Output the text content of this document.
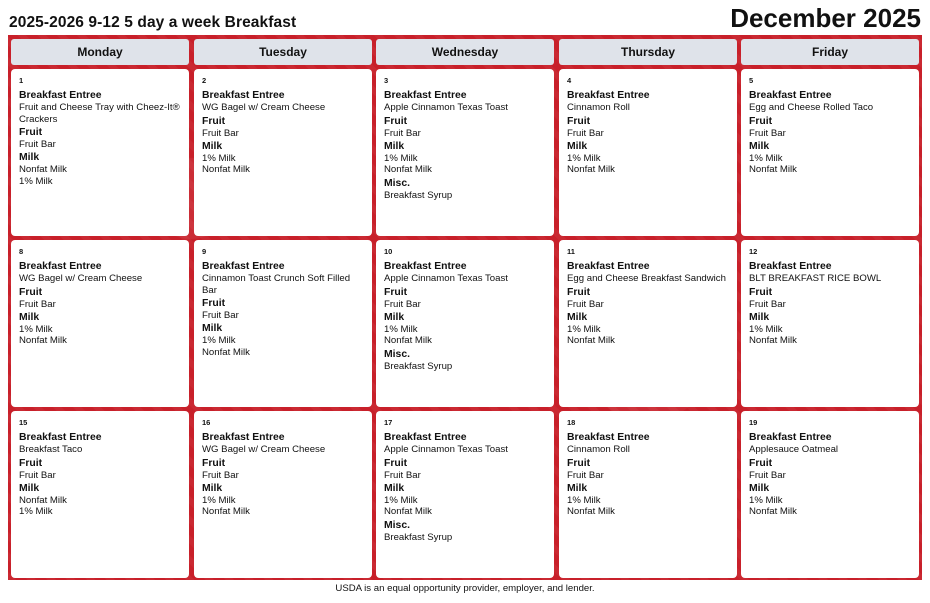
2025-2026 9-12 5 day a week Breakfast	December 2025
Monday	Tuesday	Wednesday	Thursday	Friday
1
Breakfast Entree
Fruit and Cheese Tray with Cheez-It® Crackers
Fruit
Fruit Bar
Milk
Nonfat Milk
1% Milk
2
Breakfast Entree
WG Bagel w/ Cream Cheese
Fruit
Fruit Bar
Milk
1% Milk
Nonfat Milk
3
Breakfast Entree
Apple Cinnamon Texas Toast
Fruit
Fruit Bar
Milk
1% Milk
Nonfat Milk
Misc.
Breakfast Syrup
4
Breakfast Entree
Cinnamon Roll
Fruit
Fruit Bar
Milk
1% Milk
Nonfat Milk
5
Breakfast Entree
Egg and Cheese Rolled Taco
Fruit
Fruit Bar
Milk
1% Milk
Nonfat Milk
8
Breakfast Entree
WG Bagel w/ Cream Cheese
Fruit
Fruit Bar
Milk
1% Milk
Nonfat Milk
9
Breakfast Entree
Cinnamon Toast Crunch Soft Filled Bar
Fruit
Fruit Bar
Milk
1% Milk
Nonfat Milk
10
Breakfast Entree
Apple Cinnamon Texas Toast
Fruit
Fruit Bar
Milk
1% Milk
Nonfat Milk
Misc.
Breakfast Syrup
11
Breakfast Entree
Egg and Cheese Breakfast Sandwich
Fruit
Fruit Bar
Milk
1% Milk
Nonfat Milk
12
Breakfast Entree
BLT BREAKFAST RICE BOWL
Fruit
Fruit Bar
Milk
1% Milk
Nonfat Milk
15
Breakfast Entree
Breakfast Taco
Fruit
Fruit Bar
Milk
Nonfat Milk
1% Milk
16
Breakfast Entree
WG Bagel w/ Cream Cheese
Fruit
Fruit Bar
Milk
1% Milk
Nonfat Milk
17
Breakfast Entree
Apple Cinnamon Texas Toast
Fruit
Fruit Bar
Milk
1% Milk
Nonfat Milk
Misc.
Breakfast Syrup
18
Breakfast Entree
Cinnamon Roll
Fruit
Fruit Bar
Milk
1% Milk
Nonfat Milk
19
Breakfast Entree
Applesauce Oatmeal
Fruit
Fruit Bar
Milk
1% Milk
Nonfat Milk
USDA is an equal opportunity provider, employer, and lender.
